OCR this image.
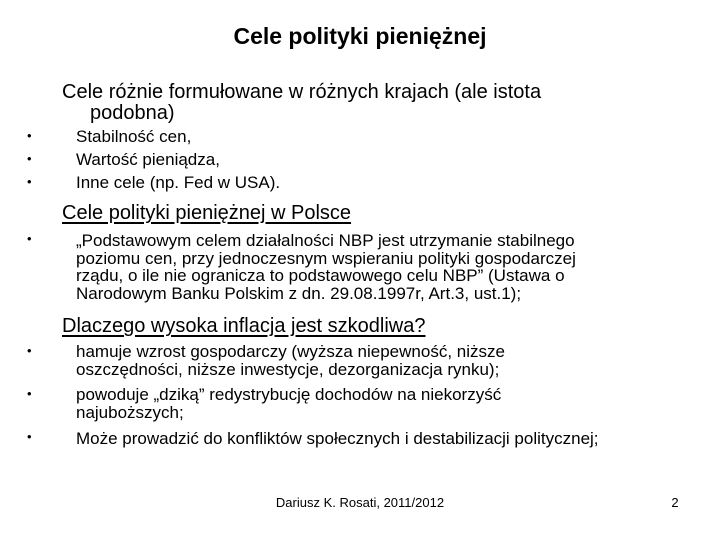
Cele polityki pieniężnej
Cele różnie formułowane w różnych krajach (ale istota
podobna)
•	Stabilność cen,
•	Wartość pieniądza,
•	Inne cele (np. Fed w USA).
Cele polityki pieniężnej w Polsce
•	„Podstawowym celem działalności NBP jest utrzymanie stabilnego
poziomu cen, przy jednoczesnym wspieraniu polityki gospodarczej
rządu, o ile nie ogranicza to podstawowego celu NBP” (Ustawa o
Narodowym Banku Polskim z dn. 29.08.1997r, Art.3, ust.1);
Dlaczego wysoka inflacja jest szkodliwa?
•	hamuje wzrost gospodarczy (wyższa niepewność, niższe
oszczędności, niższe inwestycje, dezorganizacja rynku);
•	powoduje „dziką” redystrybucję dochodów na niekorzyść
najuboższych;
•	Może prowadzić do konfliktów społecznych i destabilizacji politycznej;
Dariusz K. Rosati, 2011/2012	2
